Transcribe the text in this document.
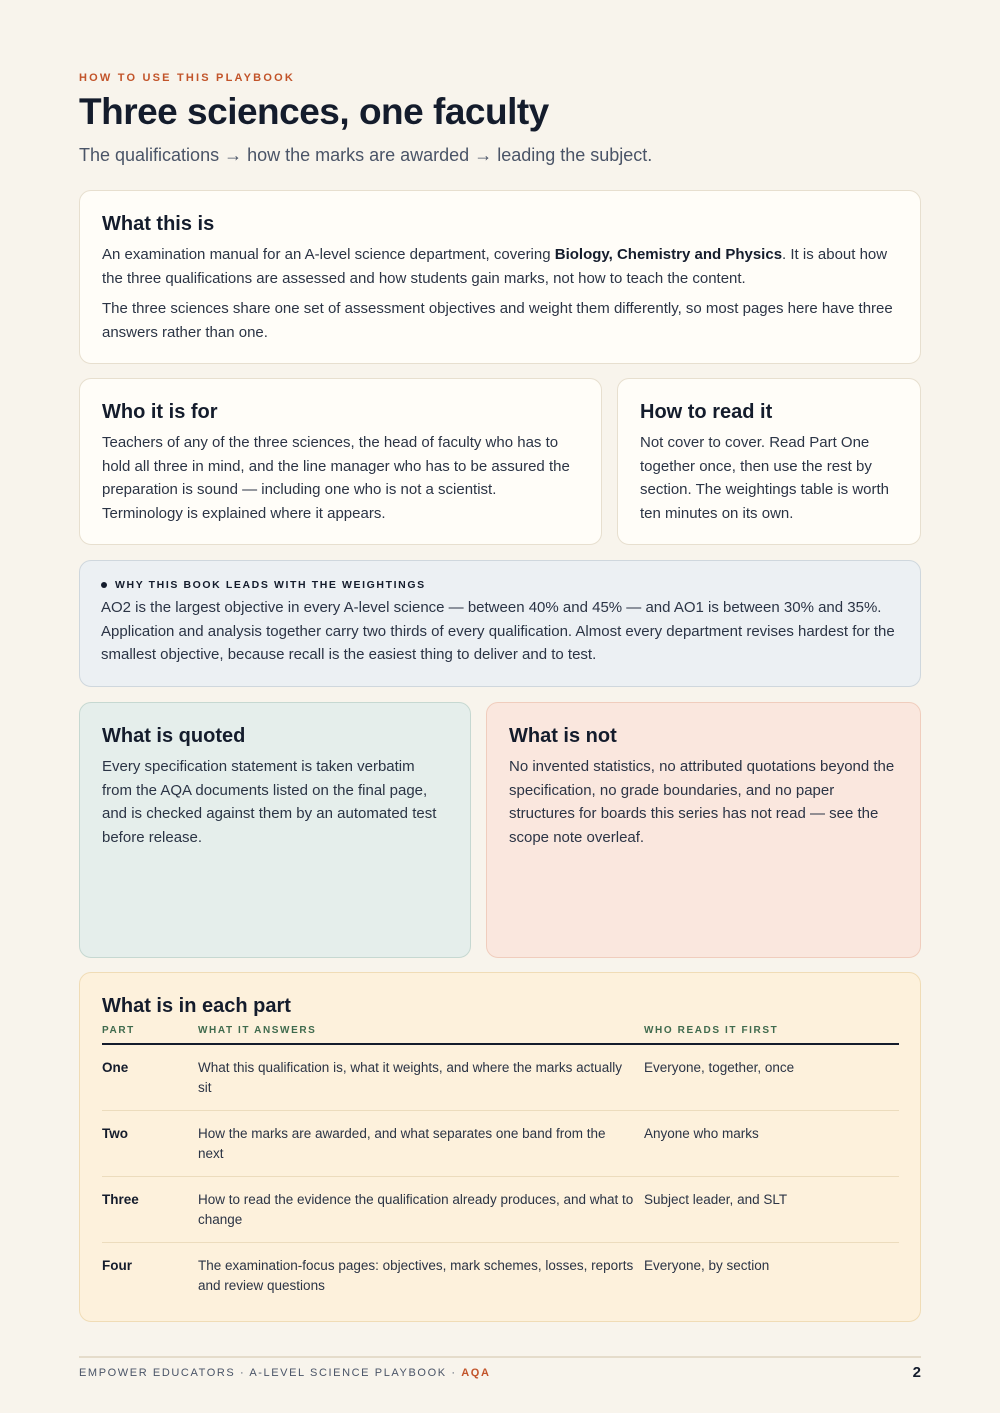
HOW TO USE THIS PLAYBOOK
Three sciences, one faculty
The qualifications → how the marks are awarded → leading the subject.
What this is

An examination manual for an A-level science department, covering Biology, Chemistry and Physics. It is about how the three qualifications are assessed and how students gain marks, not how to teach the content.

The three sciences share one set of assessment objectives and weight them differently, so most pages here have three answers rather than one.

Who it is for

Teachers of any of the three sciences, the head of faculty who has to hold all three in mind, and the line manager who has to be assured the preparation is sound — including one who is not a scientist. Terminology is explained where it appears.

How to read it

Not cover to cover. Read Part One together once, then use the rest by section. The weightings table is worth ten minutes on its own.

WHY THIS BOOK LEADS WITH THE WEIGHTINGS

AO2 is the largest objective in every A-level science — between 40% and 45% — and AO1 is between 30% and 35%. Application and analysis together carry two thirds of every qualification. Almost every department revises hardest for the smallest objective, because recall is the easiest thing to deliver and to test.

What is quoted

Every specification statement is taken verbatim from the AQA documents listed on the final page, and is checked against them by an automated test before release.

What is not

No invented statistics, no attributed quotations beyond the specification, no grade boundaries, and no paper structures for boards this series has not read — see the scope note overleaf.

What is in each part
PART	WHAT IT ANSWERS	WHO READS IT FIRST
One	What this qualification is, what it weights, and where the marks actually sit	Everyone, together, once
Two	How the marks are awarded, and what separates one band from the next	Anyone who marks
Three	How to read the evidence the qualification already produces, and what to change	Subject leader, and SLT
Four	The examination-focus pages: objectives, mark schemes, losses, reports and review questions	Everyone, by section
EMPOWER EDUCATORS · A-LEVEL SCIENCE PLAYBOOK · AQA	2
